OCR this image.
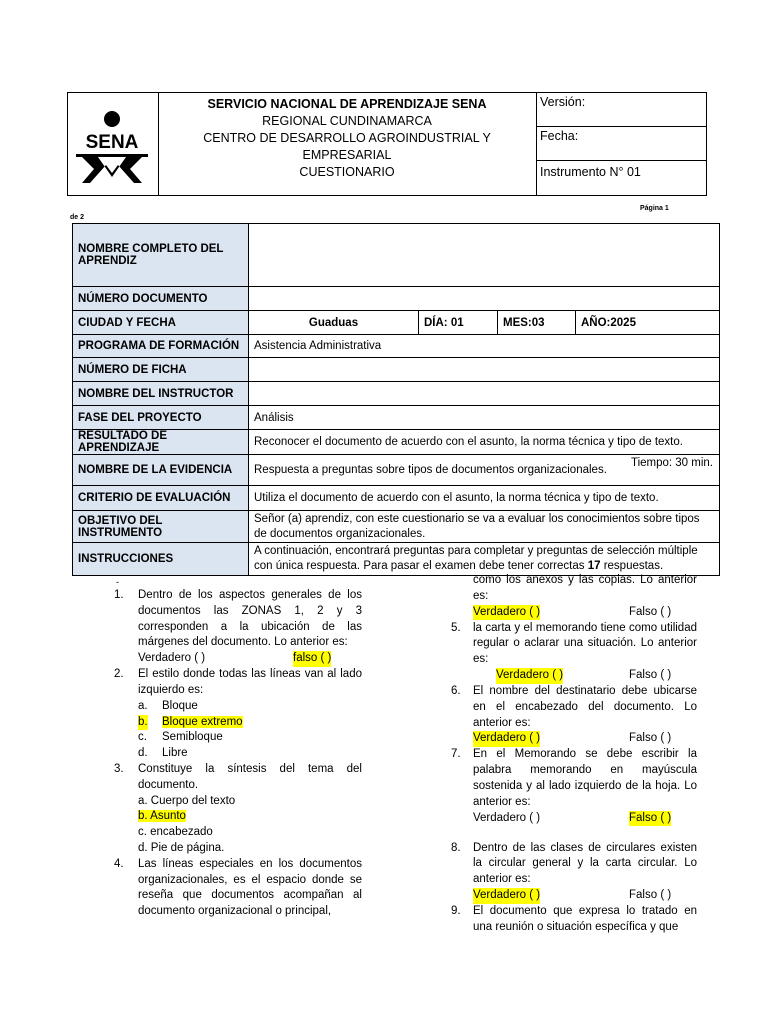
SENA
SERVICIO NACIONAL DE APRENDIZAJE SENA
REGIONAL CUNDINAMARCA
CENTRO DE DESARROLLO AGROINDUSTRIAL Y EMPRESARIAL
CUESTIONARIO
Versión:
Fecha:
Instrumento N° 01
Página 1
de 2
NOMBRE COMPLETO DEL APRENDIZ				
NÚMERO DOCUMENTO				
CIUDAD Y FECHA	Guaduas	DÍA: 01	MES:03	AÑO:2025
PROGRAMA DE FORMACIÓN	Asistencia Administrativa			
NÚMERO DE FICHA				
NOMBRE DEL INSTRUCTOR				
FASE DEL PROYECTO	Análisis			
RESULTADO DE APRENDIZAJE	Reconocer el documento de acuerdo con el asunto, la norma técnica y tipo de texto.			
NOMBRE DE LA EVIDENCIA	Respuesta a preguntas sobre tipos de documentos organizacionales.
Tiempo: 30 min.			

CRITERIO DE EVALUACIÓN	Utiliza el documento de acuerdo con el asunto, la norma técnica y tipo de texto.			
OBJETIVO DEL INSTRUMENTO	Señor (a) aprendiz, con este cuestionario se va a evaluar los conocimientos sobre tipos de documentos organizacionales.			
INSTRUCCIONES	A continuación, encontrará preguntas para completar y preguntas de selección múltiple con única respuesta. Para pasar el examen debe tener correctas 17 respuestas.			
-
1. Dentro de los aspectos generales de los documentos las ZONAS 1, 2 y 3 corresponden a la ubicación de las márgenes del documento. Lo anterior es:
Verdadero ( )	falso ( )
2. El estilo donde todas las líneas van al lado izquierdo es:
a. Bloque
b. Bloque extremo
c. Semibloque
d. Libre
3. Constituye la síntesis del tema del documento.
a. Cuerpo del texto
b. Asunto
c. encabezado
d. Pie de página.
4. Las líneas especiales en los documentos organizacionales, es el espacio donde se reseña que documentos acompañan al documento organizacional o principal,
como los anexos y las copias. Lo anterior es:
Verdadero ( )	Falso ( )
5. la carta y el memorando tiene como utilidad regular o aclarar una situación. Lo anterior es:
Verdadero ( )	Falso ( )
6. El nombre del destinatario debe ubicarse en el encabezado del documento. Lo anterior es:
Verdadero ( )	Falso ( )
7. En el Memorando se debe escribir la palabra memorando en mayúscula sostenida y al lado izquierdo de la hoja. Lo anterior es:
Verdadero ( )	Falso ( )
8. Dentro de las clases de circulares existen la circular general y la carta circular. Lo anterior es:
Verdadero ( )	Falso ( )
9. El documento que expresa lo tratado en una reunión o situación específica y que
